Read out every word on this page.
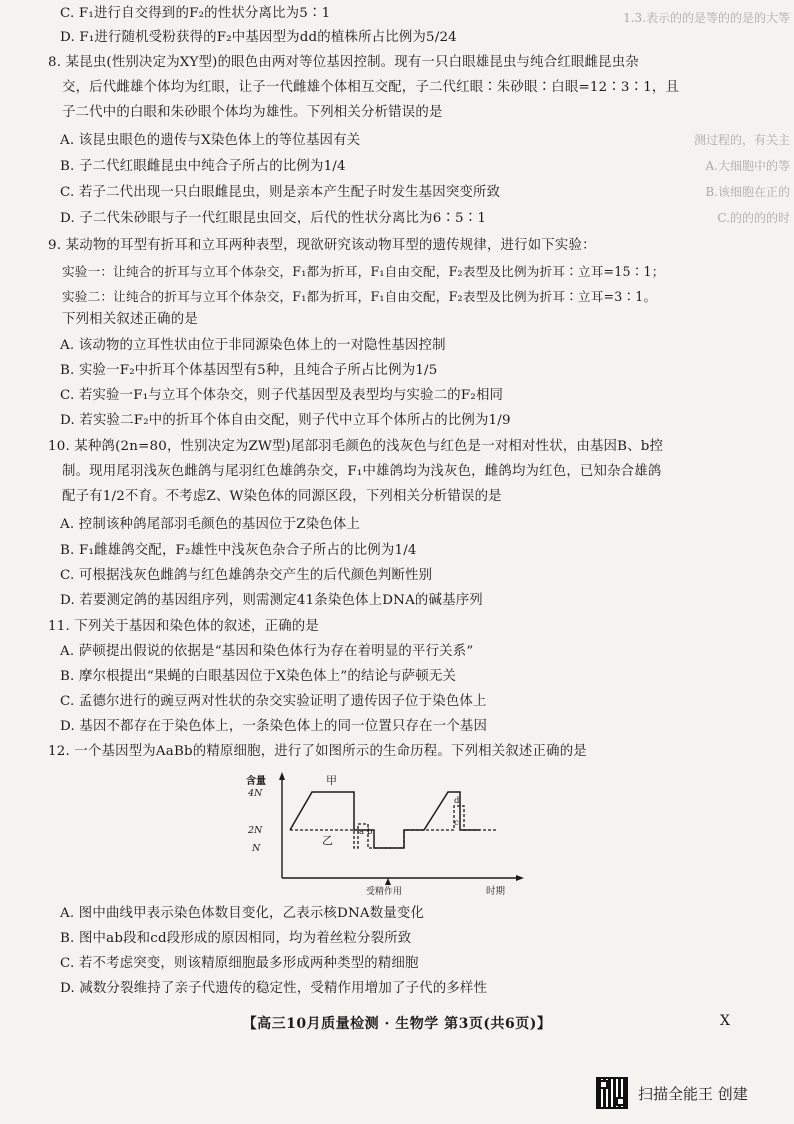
C. F₁进行自交得到的F₂的性状分离比为5∶1
D. F₁进行随机受粉获得的F₂中基因型为dd的植株所占比例为5/24
8. 某昆虫(性别决定为XY型)的眼色由两对等位基因控制。现有一只白眼雄昆虫与纯合红眼雌昆虫杂
交，后代雌雄个体均为红眼，让子一代雌雄个体相互交配，子二代红眼∶朱砂眼∶白眼=12∶3∶1，且
子二代中的白眼和朱砂眼个体均为雄性。下列相关分析错误的是
A. 该昆虫眼色的遗传与X染色体上的等位基因有关
B. 子二代红眼雌昆虫中纯合子所占的比例为1/4
C. 若子二代出现一只白眼雌昆虫，则是亲本产生配子时发生基因突变所致
D. 子二代朱砂眼与子一代红眼昆虫回交，后代的性状分离比为6∶5∶1
9. 某动物的耳型有折耳和立耳两种表型，现欲研究该动物耳型的遗传规律，进行如下实验：
实验一：让纯合的折耳与立耳个体杂交，F₁都为折耳，F₁自由交配，F₂表型及比例为折耳∶立耳=15∶1；
实验二：让纯合的折耳与立耳个体杂交，F₁都为折耳，F₁自由交配，F₂表型及比例为折耳∶立耳=3∶1。
下列相关叙述正确的是
A. 该动物的立耳性状由位于非同源染色体上的一对隐性基因控制
B. 实验一F₂中折耳个体基因型有5种，且纯合子所占比例为1/5
C. 若实验一F₁与立耳个体杂交，则子代基因型及表型均与实验二的F₂相同
D. 若实验二F₂中的折耳个体自由交配，则子代中立耳个体所占的比例为1/9
10. 某种鸽(2n=80，性别决定为ZW型)尾部羽毛颜色的浅灰色与红色是一对相对性状，由基因B、b控
制。现用尾羽浅灰色雌鸽与尾羽红色雄鸽杂交，F₁中雄鸽均为浅灰色，雌鸽均为红色，已知杂合雄鸽
配子有1/2不育。不考虑Z、W染色体的同源区段，下列相关分析错误的是
A. 控制该种鸽尾部羽毛颜色的基因位于Z染色体上
B. F₁雌雄鸽交配，F₂雄性中浅灰色杂合子所占的比例为1/4
C. 可根据浅灰色雌鸽与红色雄鸽杂交产生的后代颜色判断性别
D. 若要测定鸽的基因组序列，则需测定41条染色体上DNA的碱基序列
11. 下列关于基因和染色体的叙述，正确的是
A. 萨顿提出假说的依据是“基因和染色体行为存在着明显的平行关系”
B. 摩尔根提出“果蝇的白眼基因位于X染色体上”的结论与萨顿无关
C. 孟德尔进行的豌豆两对性状的杂交实验证明了遗传因子位于染色体上
D. 基因不都存在于染色体上，一条染色体上的同一位置只存在一个基因
12. 一个基因型为AaBb的精原细胞，进行了如图所示的生命历程。下列相关叙述正确的是
含量
4N
2N
N
甲
乙
a b
c
d
受精作用	时期
A. 图中曲线甲表示染色体数目变化，乙表示核DNA数量变化
B. 图中ab段和cd段形成的原因相同，均为着丝粒分裂所致
C. 若不考虑突变，则该精原细胞最多形成两种类型的精细胞
D. 减数分裂维持了亲子代遗传的稳定性，受精作用增加了子代的多样性
1.3.表示的的是等的的是的大等
测过程的，有关主
A.大细胞中的等
B.该细胞在正的
C.的的的的时
【高三10月质量检测 · 生物学 第3页(共6页)】	X
扫描全能王 创建
